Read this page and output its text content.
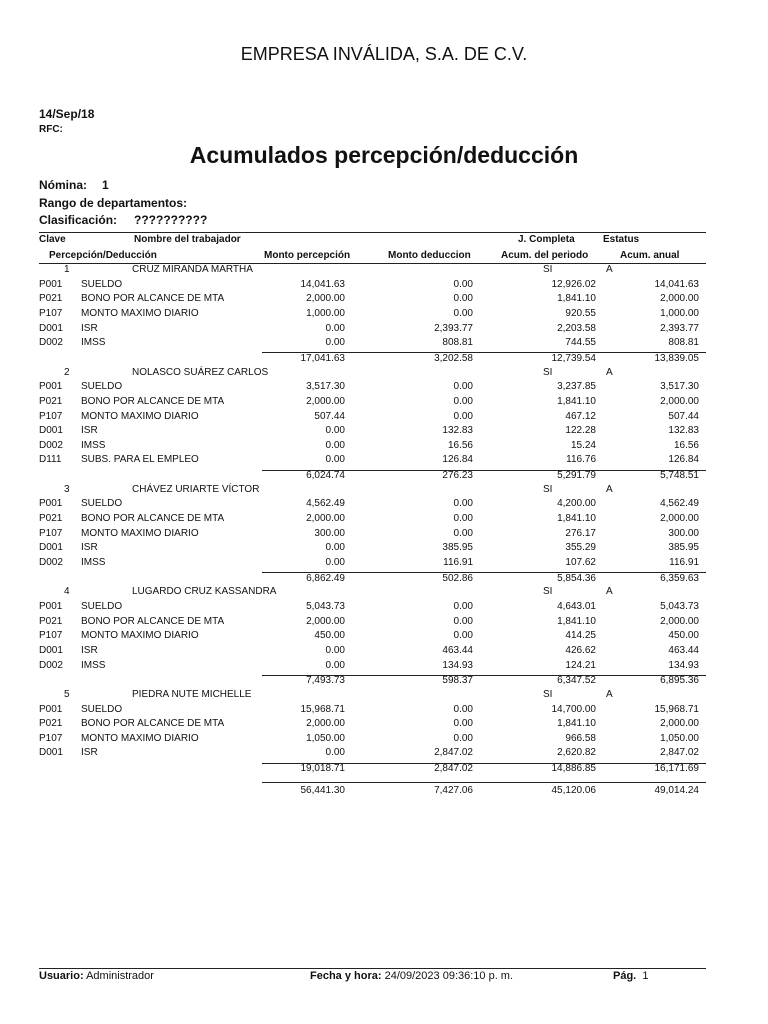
EMPRESA INVÁLIDA, S.A. DE C.V.
14/Sep/18
RFC:
Acumulados percepción/deducción
Nómina: 1
Rango de departamentos:
Clasificación: ??????????
Clave	Nombre del trabajador	J. Completa	Estatus
Percepción/Deducción	Monto percepción	Monto deduccion	Acum. del periodo	Acum. anual
1	CRUZ MIRANDA MARTHA	SI	A
P001 SUELDO	14,041.63	0.00	12,926.02	14,041.63
P021 BONO POR ALCANCE DE MTA	2,000.00	0.00	1,841.10	2,000.00
P107 MONTO MAXIMO DIARIO	1,000.00	0.00	920.55	1,000.00
D001 ISR	0.00	2,393.77	2,203.58	2,393.77
D002 IMSS	0.00	808.81	744.55	808.81
17,041.63	3,202.58	12,739.54	13,839.05
2	NOLASCO SUÁREZ CARLOS	SI	A
P001 SUELDO	3,517.30	0.00	3,237.85	3,517.30
P021 BONO POR ALCANCE DE MTA	2,000.00	0.00	1,841.10	2,000.00
P107 MONTO MAXIMO DIARIO	507.44	0.00	467.12	507.44
D001 ISR	0.00	132.83	122.28	132.83
D002 IMSS	0.00	16.56	15.24	16.56
D111 SUBS. PARA EL EMPLEO	0.00	126.84	116.76	126.84
6,024.74	276.23	5,291.79	5,748.51
3	CHÁVEZ URIARTE VÍCTOR	SI	A
P001 SUELDO	4,562.49	0.00	4,200.00	4,562.49
P021 BONO POR ALCANCE DE MTA	2,000.00	0.00	1,841.10	2,000.00
P107 MONTO MAXIMO DIARIO	300.00	0.00	276.17	300.00
D001 ISR	0.00	385.95	355.29	385.95
D002 IMSS	0.00	116.91	107.62	116.91
6,862.49	502.86	5,854.36	6,359.63
4	LUGARDO CRUZ KASSANDRA	SI	A
P001 SUELDO	5,043.73	0.00	4,643.01	5,043.73
P021 BONO POR ALCANCE DE MTA	2,000.00	0.00	1,841.10	2,000.00
P107 MONTO MAXIMO DIARIO	450.00	0.00	414.25	450.00
D001 ISR	0.00	463.44	426.62	463.44
D002 IMSS	0.00	134.93	124.21	134.93
7,493.73	598.37	6,347.52	6,895.36
5	PIEDRA NUTE MICHELLE	SI	A
P001 SUELDO	15,968.71	0.00	14,700.00	15,968.71
P021 BONO POR ALCANCE DE MTA	2,000.00	0.00	1,841.10	2,000.00
P107 MONTO MAXIMO DIARIO	1,050.00	0.00	966.58	1,050.00
D001 ISR	0.00	2,847.02	2,620.82	2,847.02
19,018.71	2,847.02	14,886.85	16,171.69
56,441.30	7,427.06	45,120.06	49,014.24
Usuario: Administrador	Fecha y hora: 24/09/2023 09:36:10 p. m.	Pág. 1
